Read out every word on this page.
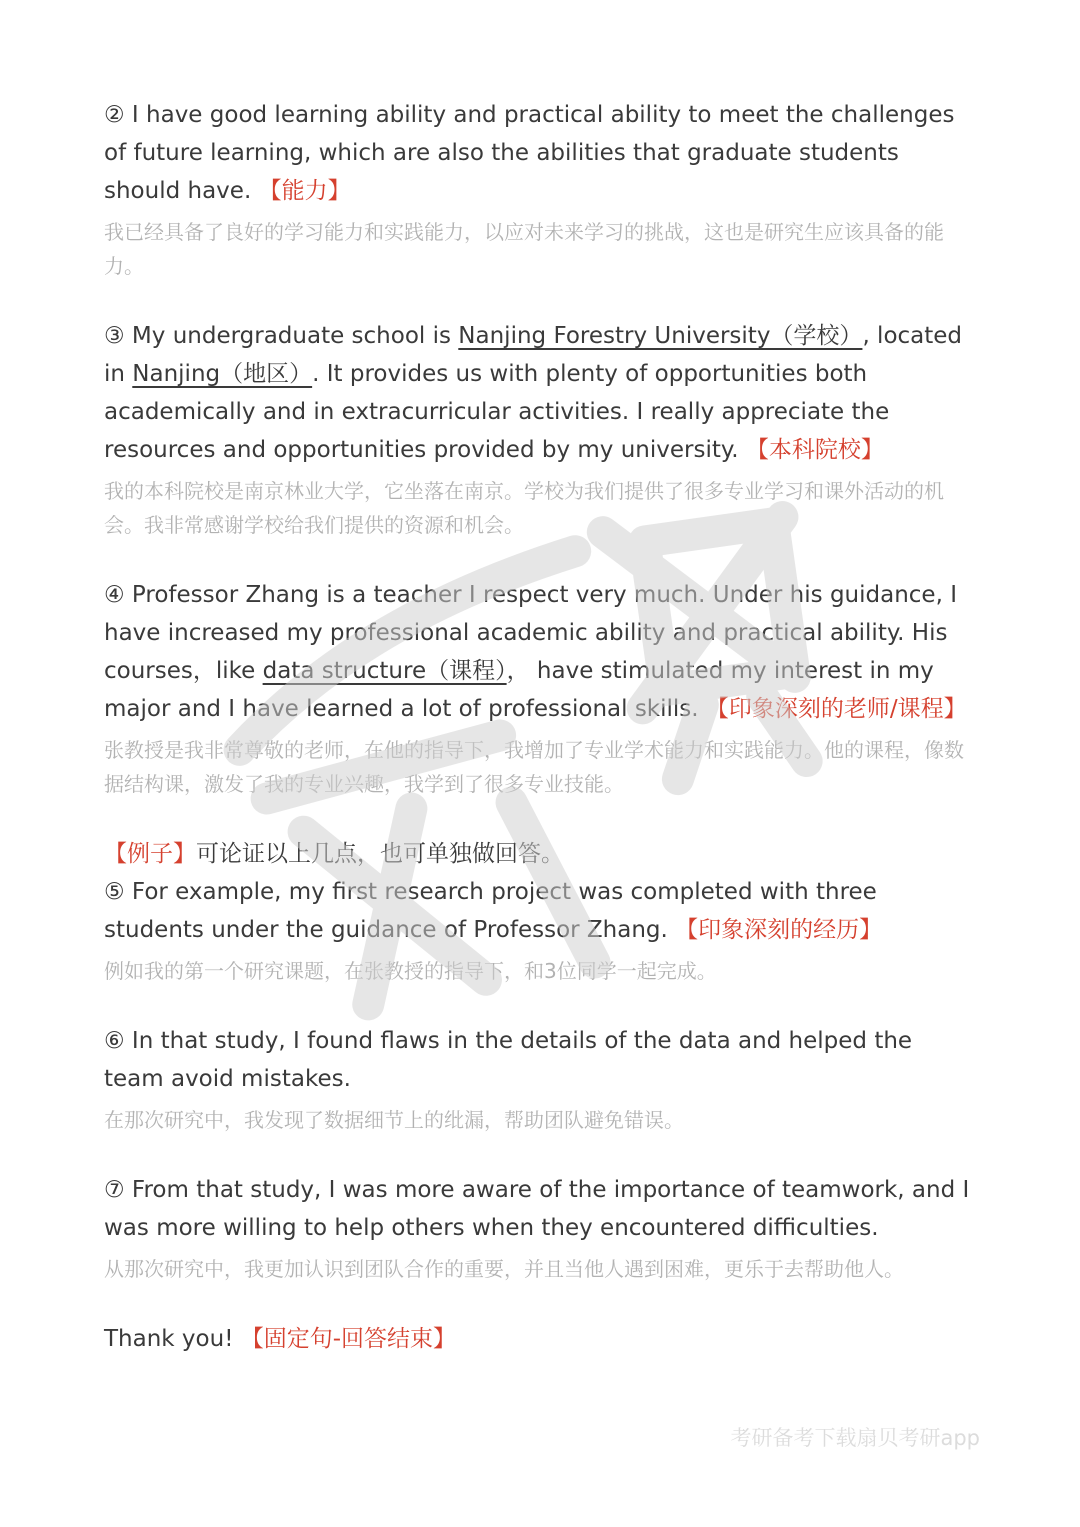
② I have good learning ability and practical ability to meet the challenges of future learning, which are also the abilities that graduate students should have. 【能力】

我已经具备了良好的学习能力和实践能力，以应对未来学习的挑战，这也是研究生应该具备的能力。

③ My undergraduate school is Nanjing Forestry University（学校）, located in Nanjing（地区）. It provides us with plenty of opportunities both academically and in extracurricular activities. I really appreciate the resources and opportunities provided by my university. 【本科院校】

我的本科院校是南京林业大学，它坐落在南京。学校为我们提供了很多专业学习和课外活动的机会。我非常感谢学校给我们提供的资源和机会。

④ Professor Zhang is a teacher I respect very much. Under his guidance, I have increased my professional academic ability and practical ability. His courses，like data structure（课程）， have stimulated my interest in my major and I have learned a lot of professional skills. 【印象深刻的老师/课程】

张教授是我非常尊敬的老师，在他的指导下，我增加了专业学术能力和实践能力。他的课程，像数据结构课，激发了我的专业兴趣，我学到了很多专业技能。

【例子】可论证以上几点，也可单独做回答。

⑤ For example, my first research project was completed with three students under the guidance of Professor Zhang. 【印象深刻的经历】

例如我的第一个研究课题，在张教授的指导下，和3位同学一起完成。

⑥ In that study, I found flaws in the details of the data and helped the team avoid mistakes.

在那次研究中，我发现了数据细节上的纰漏，帮助团队避免错误。

⑦ From that study, I was more aware of the importance of teamwork, and I was more willing to help others when they encountered difficulties.

从那次研究中，我更加认识到团队合作的重要，并且当他人遇到困难，更乐于去帮助他人。

Thank you! 【固定句-回答结束】

考研备考下载扇贝考研app
